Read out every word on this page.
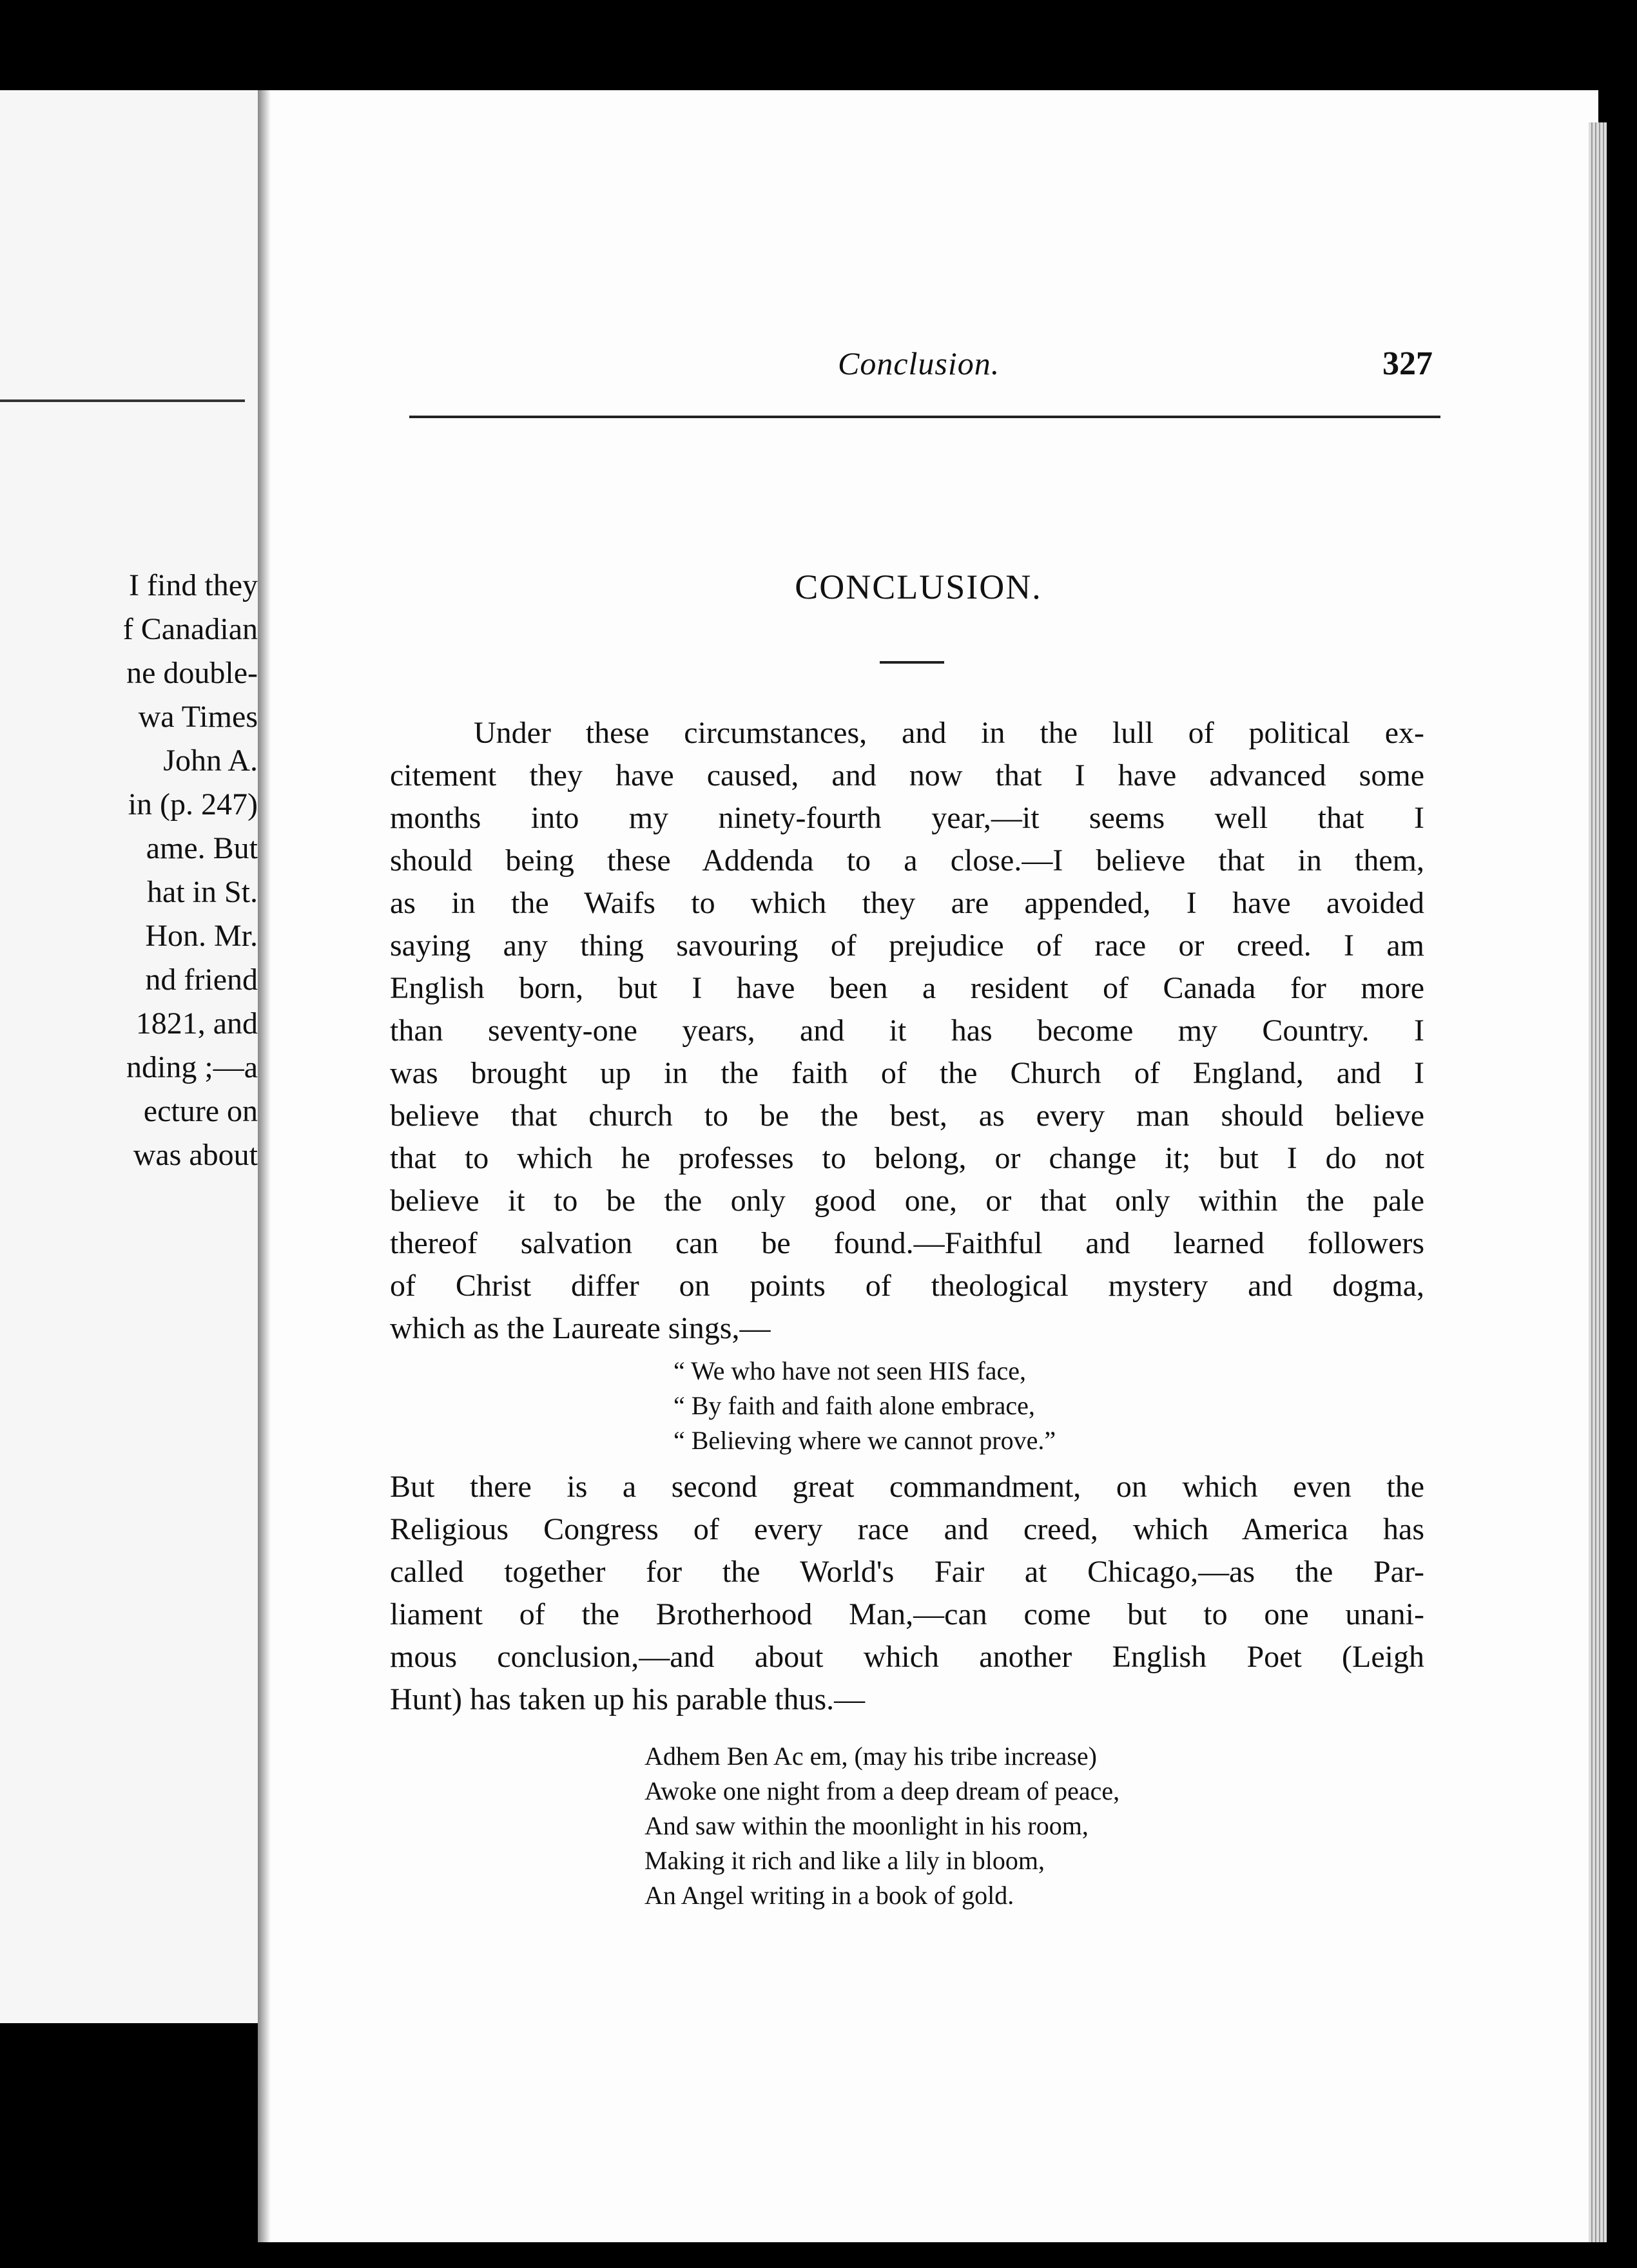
I find they
f Canadian
ne double-
wa Times
John A.
in (p. 247)
ame. But
hat in St.
Hon. Mr.
nd friend
1821, and
nding ;—a
ecture on
was about
Conclusion.	327
CONCLUSION.
Under these circumstances, and in the lull of political ex-
citement they have caused, and now that I have advanced some
months into my ninety-fourth year,—it seems well that I
should being these Addenda to a close.—I believe that in them,
as in the Waifs to which they are appended, I have avoided
saying any thing savouring of prejudice of race or creed. I am
English born, but I have been a resident of Canada for more
than seventy-one years, and it has become my Country. I
was brought up in the faith of the Church of England, and I
believe that church to be the best, as every man should believe
that to which he professes to belong, or change it; but I do not
believe it to be the only good one, or that only within the pale
thereof salvation can be found.—Faithful and learned followers
of Christ differ on points of theological mystery and dogma,
which as the Laureate sings,—
“ We who have not seen HIS face,
“ By faith and faith alone embrace,
“ Believing where we cannot prove.”
But there is a second great commandment, on which even the
Religious Congress of every race and creed, which America has
called together for the World's Fair at Chicago,—as the Par-
liament of the Brotherhood Man,—can come but to one unani-
mous conclusion,—and about which another English Poet (Leigh
Hunt) has taken up his parable thus.—
Adhem Ben Ac em, (may his tribe increase)
Awoke one night from a deep dream of peace,
And saw within the moonlight in his room,
Making it rich and like a lily in bloom,
An Angel writing in a book of gold.
